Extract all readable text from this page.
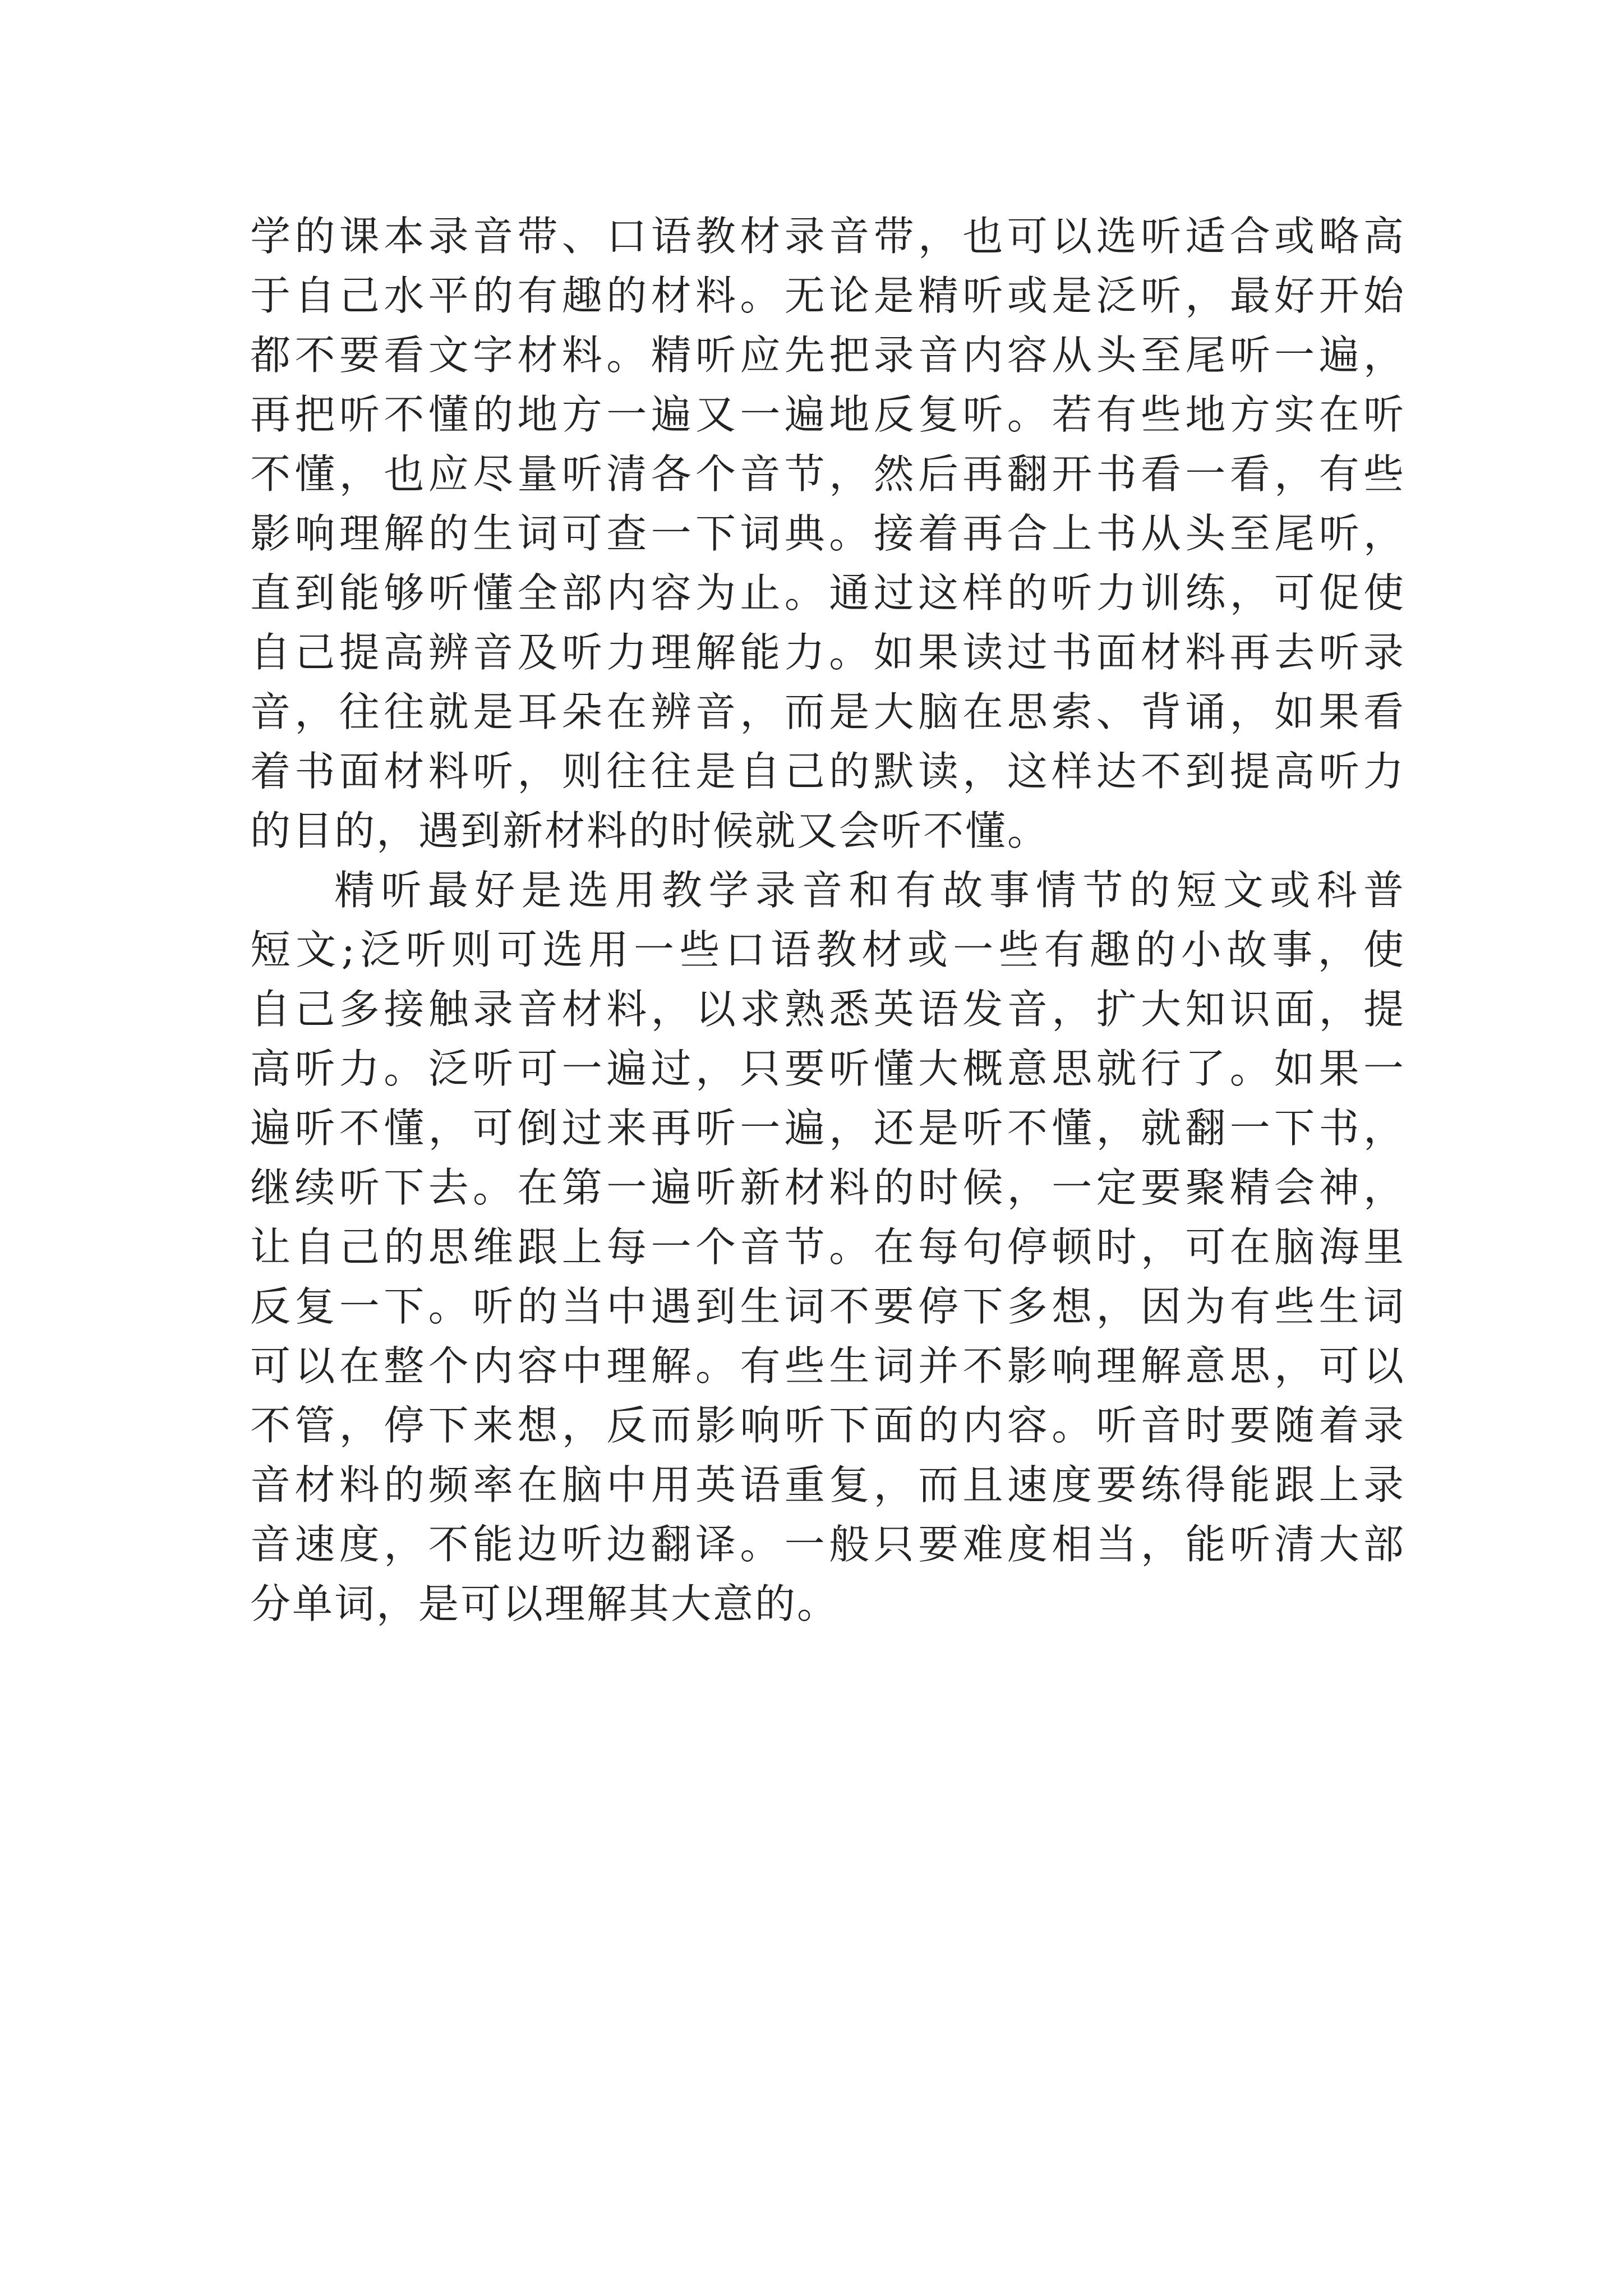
学的课本录音带、口语教材录音带，也可以选听适合或略高
于自己水平的有趣的材料。无论是精听或是泛听，最好开始
都不要看文字材料。精听应先把录音内容从头至尾听一遍，
再把听不懂的地方一遍又一遍地反复听。若有些地方实在听
不懂，也应尽量听清各个音节，然后再翻开书看一看，有些
影响理解的生词可查一下词典。接着再合上书从头至尾听，
直到能够听懂全部内容为止。通过这样的听力训练，可促使
自己提高辨音及听力理解能力。如果读过书面材料再去听录
音，往往就是耳朵在辨音，而是大脑在思索、背诵，如果看
着书面材料听，则往往是自己的默读，这样达不到提高听力
的目的，遇到新材料的时候就又会听不懂。
精听最好是选用教学录音和有故事情节的短文或科普
短文;泛听则可选用一些口语教材或一些有趣的小故事，使
自己多接触录音材料，以求熟悉英语发音，扩大知识面，提
高听力。泛听可一遍过，只要听懂大概意思就行了。如果一
遍听不懂，可倒过来再听一遍，还是听不懂，就翻一下书，
继续听下去。在第一遍听新材料的时候，一定要聚精会神，
让自己的思维跟上每一个音节。在每句停顿时，可在脑海里
反复一下。听的当中遇到生词不要停下多想，因为有些生词
可以在整个内容中理解。有些生词并不影响理解意思，可以
不管，停下来想，反而影响听下面的内容。听音时要随着录
音材料的频率在脑中用英语重复，而且速度要练得能跟上录
音速度，不能边听边翻译。一般只要难度相当，能听清大部
分单词，是可以理解其大意的。
